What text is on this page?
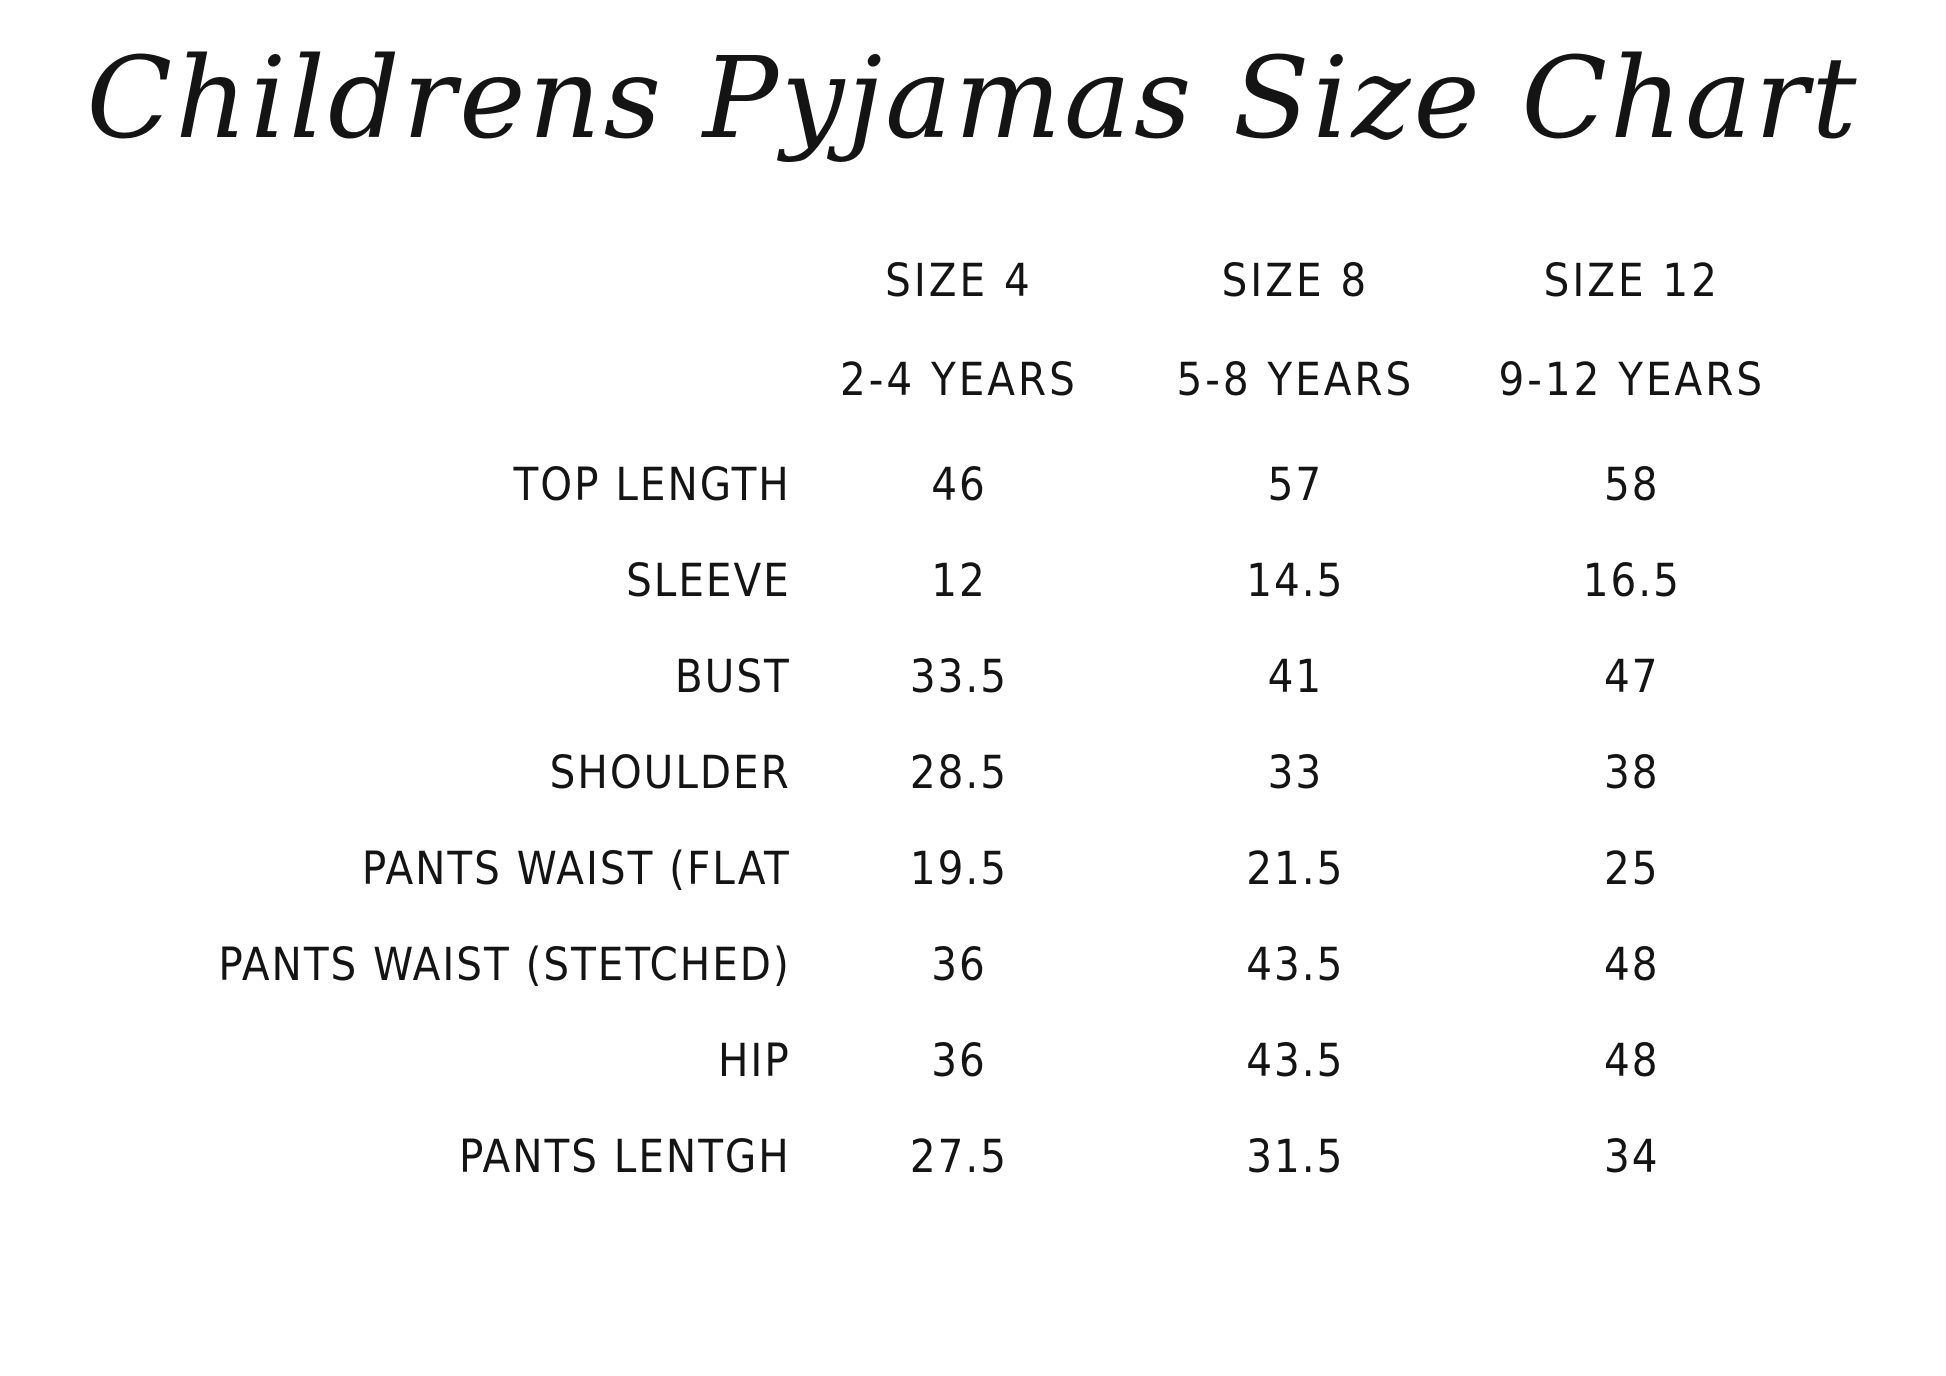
Childrens Pyjamas Size Chart
	SIZE 4	SIZE 8	SIZE 12
	2-4 YEARS	5-8 YEARS	9-12 YEARS
TOP LENGTH	46	57	58
SLEEVE	12	14.5	16.5
BUST	33.5	41	47
SHOULDER	28.5	33	38
PANTS WAIST (FLAT	19.5	21.5	25
PANTS WAIST (STETCHED)	36	43.5	48
HIP	36	43.5	48
PANTS LENTGH	27.5	31.5	34
